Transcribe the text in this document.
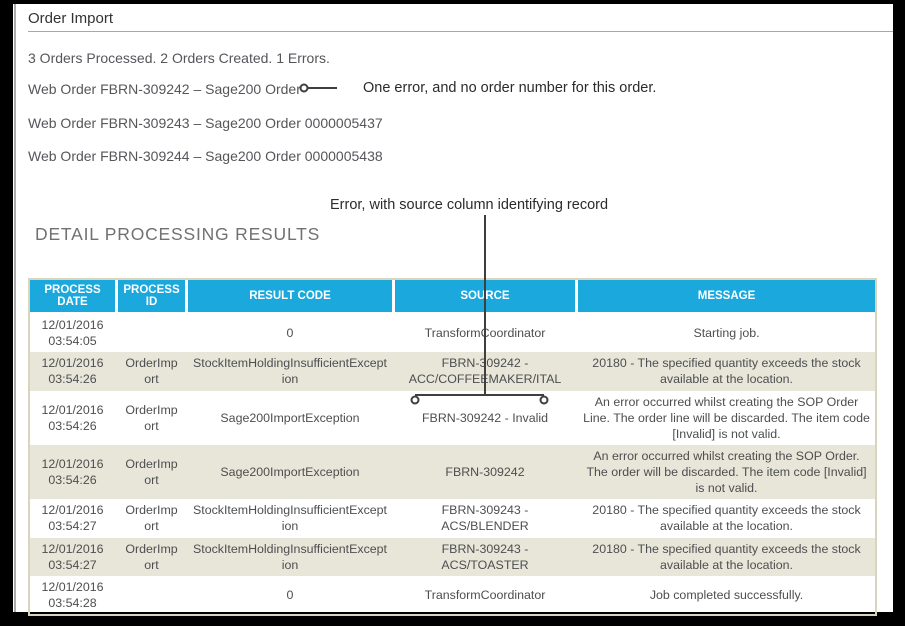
Order Import

3 Orders Processed. 2 Orders Created. 1 Errors.

Web Order FBRN-309242 – Sage200 Order

Web Order FBRN-309243 – Sage200 Order 0000005437

Web Order FBRN-309244 – Sage200 Order 0000005438

One error, and no order number for this order.

Error, with source column identifying record

DETAIL PROCESSING RESULTS
PROCESS DATE	PROCESS ID	RESULT CODE	SOURCE	MESSAGE

12/01/2016
03:54:05		0	TransformCoordinator	Starting job.

12/01/2016
03:54:26	OrderImport	StockItemHoldingInsufficientException	FBRN-309242 - ACC/COFFEEMAKER/ITAL	20180 - The specified quantity exceeds the stock available at the location.

12/01/2016
03:54:26	OrderImport	Sage200ImportException	FBRN-309242 - Invalid	An error occurred whilst creating the SOP Order Line. The order line will be discarded. The item code [Invalid] is not valid.

12/01/2016
03:54:26	OrderImport	Sage200ImportException	FBRN-309242	An error occurred whilst creating the SOP Order. The order will be discarded. The item code [Invalid] is not valid.

12/01/2016
03:54:27	OrderImport	StockItemHoldingInsufficientException	FBRN-309243 - ACS/BLENDER	20180 - The specified quantity exceeds the stock available at the location.

12/01/2016
03:54:27	OrderImport	StockItemHoldingInsufficientException	FBRN-309243 - ACS/TOASTER	20180 - The specified quantity exceeds the stock available at the location.

12/01/2016
03:54:28		0	TransformCoordinator	Job completed successfully.
